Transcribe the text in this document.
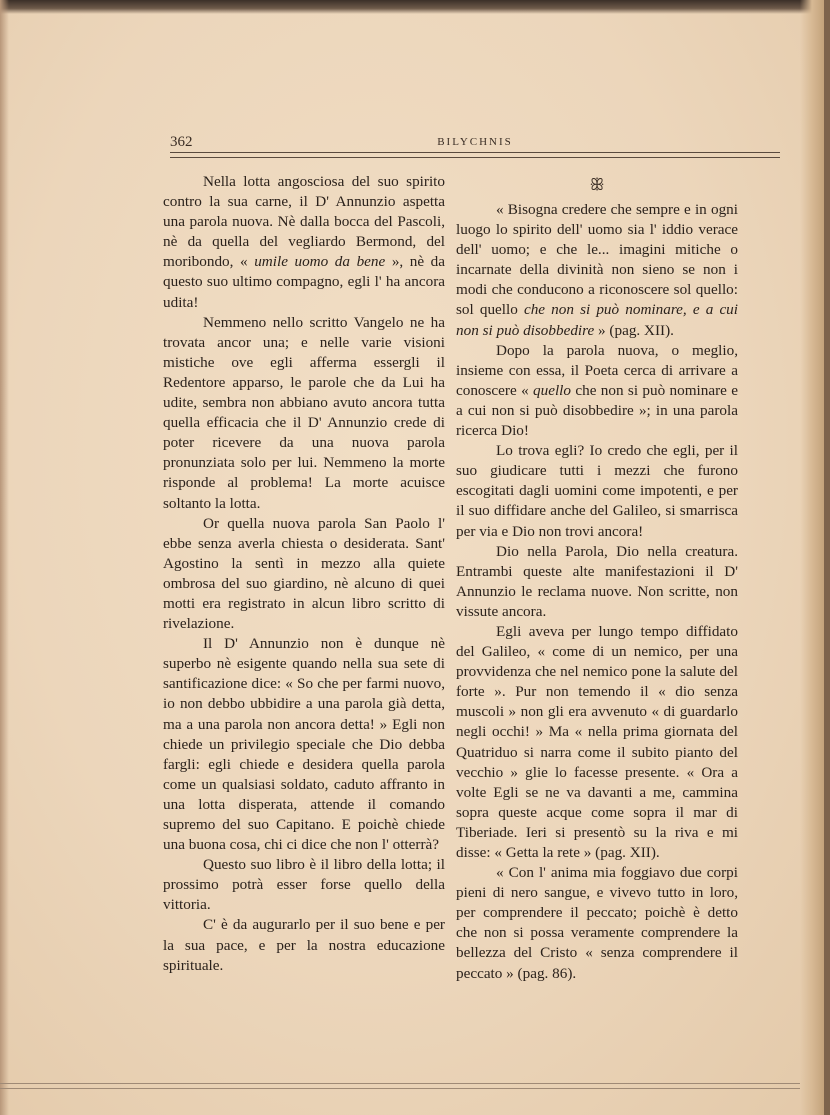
362	BILYCHNIS

Nella lotta angosciosa del suo spirito contro la sua carne, il D' Annunzio aspetta una parola nuova. Nè dalla bocca del Pascoli, nè da quella del vegliardo Bermond, del moribondo, « umile uomo da bene », nè da questo suo ultimo compagno, egli l' ha ancora udita!

Nemmeno nello scritto Vangelo ne ha trovata ancor una; e nelle varie visioni mistiche ove egli afferma essergli il Redentore apparso, le parole che da Lui ha udite, sembra non abbiano avuto ancora tutta quella efficacia che il D' Annunzio crede di poter ricevere da una nuova parola pronunziata solo per lui. Nemmeno la morte risponde al problema! La morte acuisce soltanto la lotta.

Or quella nuova parola San Paolo l' ebbe senza averla chiesta o desiderata. Sant' Agostino la sentì in mezzo alla quiete ombrosa del suo giardino, nè alcuno di quei motti era registrato in alcun libro scritto di rivelazione.

Il D' Annunzio non è dunque nè superbo nè esigente quando nella sua sete di santificazione dice: « So che per farmi nuovo, io non debbo ubbidire a una parola già detta, ma a una parola non ancora detta! » Egli non chiede un privilegio speciale che Dio debba fargli: egli chiede e desidera quella parola come un qualsiasi soldato, caduto affranto in una lotta disperata, attende il comando supremo del suo Capitano. E poichè chiede una buona cosa, chi ci dice che non l' otterrà?

Questo suo libro è il libro della lotta; il prossimo potrà esser forse quello della vittoria.

C' è da augurarlo per il suo bene e per la sua pace, e per la nostra educazione spirituale.

ꕥ

« Bisogna credere che sempre e in ogni luogo lo spirito dell' uomo sia l' iddio verace dell' uomo; e che le... imagini mitiche o incarnate della divinità non sieno se non i modi che conducono a riconoscere sol quello: sol quello che non si può nominare, e a cui non si può disobbedire » (pag. XII).

Dopo la parola nuova, o meglio, insieme con essa, il Poeta cerca di arrivare a conoscere « quello che non si può nominare e a cui non si può disobbedire »; in una parola ricerca Dio!

Lo trova egli? Io credo che egli, per il suo giudicare tutti i mezzi che furono escogitati dagli uomini come impotenti, e per il suo diffidare anche del Galileo, si smarrisca per via e Dio non trovi ancora!

Dio nella Parola, Dio nella creatura. Entrambi queste alte manifestazioni il D' Annunzio le reclama nuove. Non scritte, non vissute ancora.

Egli aveva per lungo tempo diffidato del Galileo, « come di un nemico, per una provvidenza che nel nemico pone la salute del forte ». Pur non temendo il « dio senza muscoli » non gli era avvenuto « di guardarlo negli occhi! » Ma « nella prima giornata del Quatriduo si narra come il subito pianto del vecchio » glie lo facesse presente. « Ora a volte Egli se ne va davanti a me, cammina sopra queste acque come sopra il mar di Tiberiade. Ieri si presentò su la riva e mi disse: « Getta la rete » (pag. XII).

« Con l' anima mia foggiavo due corpi pieni di nero sangue, e vivevo tutto in loro, per comprendere il peccato; poichè è detto che non si possa veramente comprendere la bellezza del Cristo « senza comprendere il peccato » (pag. 86).
